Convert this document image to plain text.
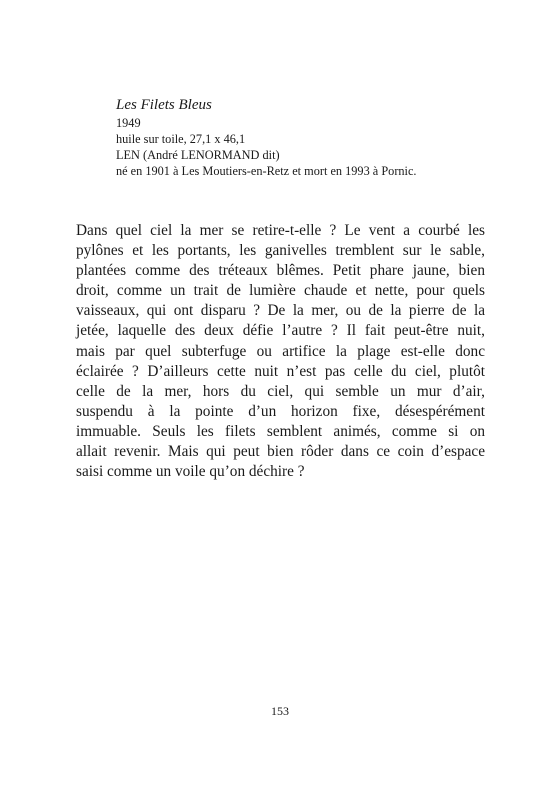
Les Filets Bleus
1949
huile sur toile, 27,1 x 46,1
LEN (André LENORMAND dit)
né en 1901 à Les Moutiers-en-Retz et mort en 1993 à Pornic.
Dans quel ciel la mer se retire-t-elle ? Le vent a courbé les
pylônes et les portants, les ganivelles tremblent sur le sable,
plantées comme des tréteaux blêmes. Petit phare jaune, bien
droit, comme un trait de lumière chaude et nette, pour quels
vaisseaux, qui ont disparu ? De la mer, ou de la pierre de la
jetée, laquelle des deux défie l’autre ? Il fait peut-être nuit,
mais par quel subterfuge ou artifice la plage est-elle donc
éclairée ? D’ailleurs cette nuit n’est pas celle du ciel, plutôt
celle de la mer, hors du ciel, qui semble un mur d’air,
suspendu à la pointe d’un horizon fixe, désespérément
immuable. Seuls les filets semblent animés, comme si on
allait revenir. Mais qui peut bien rôder dans ce coin d’espace
saisi comme un voile qu’on déchire ?
153
